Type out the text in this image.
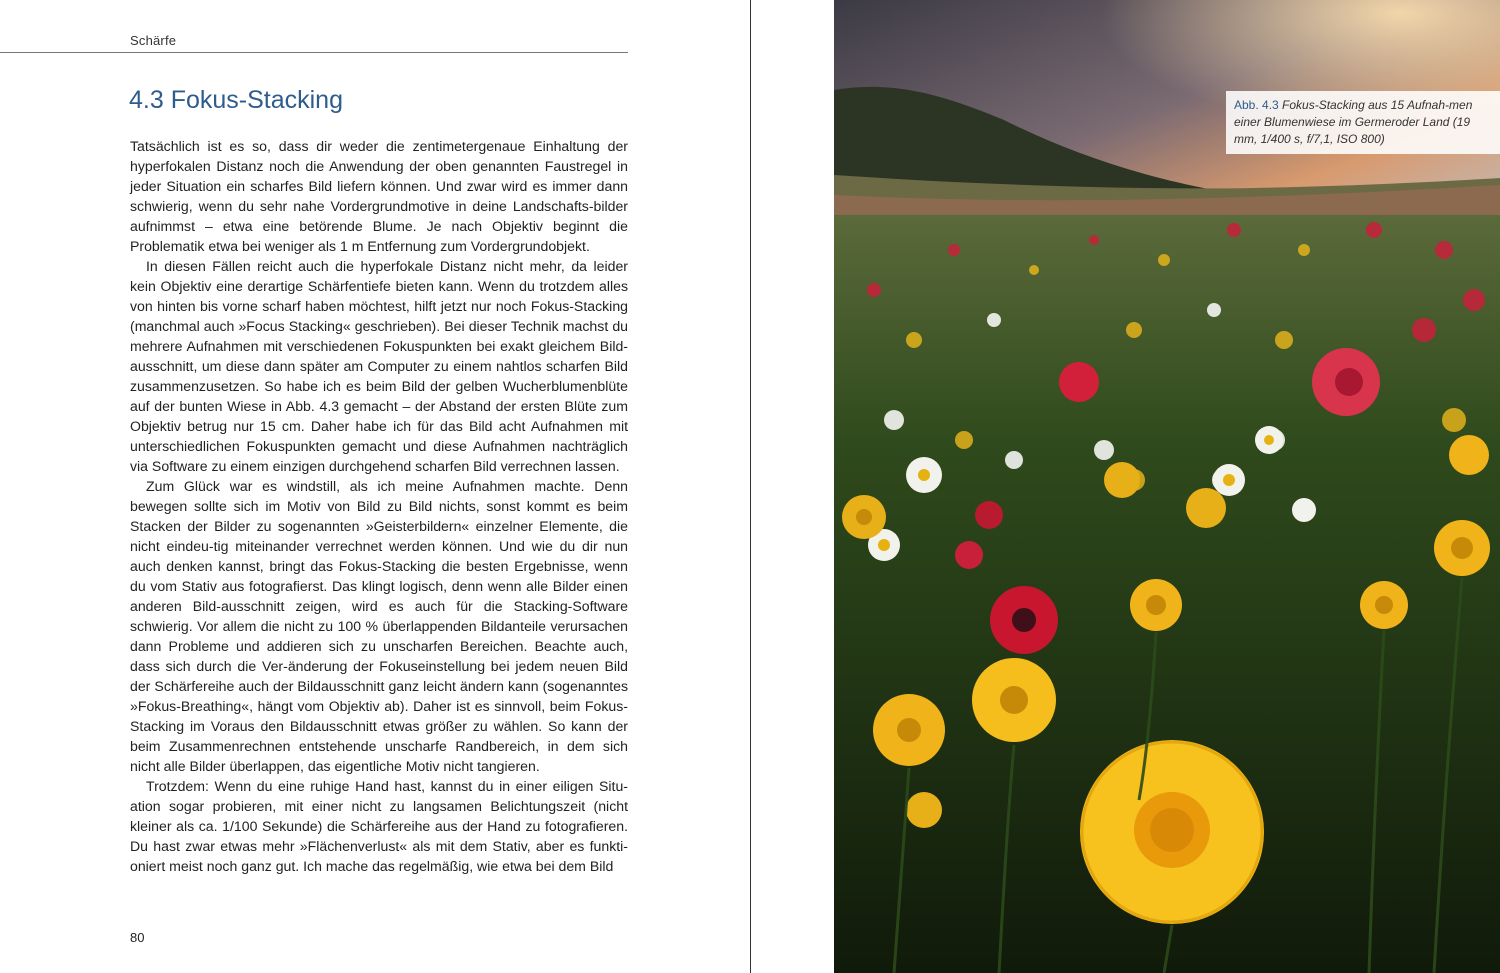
Schärfe
4.3 Fokus-Stacking

Tatsächlich ist es so, dass dir weder die zentimetergenaue Einhaltung der hyperfokalen Distanz noch die Anwendung der oben genannten Faustregel in jeder Situation ein scharfes Bild liefern können. Und zwar wird es immer dann schwierig, wenn du sehr nahe Vordergrundmotive in deine Landschafts-bilder aufnimmst – etwa eine betörende Blume. Je nach Objektiv beginnt die Problematik etwa bei weniger als 1 m Entfernung zum Vordergrundobjekt.

In diesen Fällen reicht auch die hyperfokale Distanz nicht mehr, da leider kein Objektiv eine derartige Schärfentiefe bieten kann. Wenn du trotzdem alles von hinten bis vorne scharf haben möchtest, hilft jetzt nur noch Fokus-Stacking (manchmal auch »Focus Stacking« geschrieben). Bei dieser Technik machst du mehrere Aufnahmen mit verschiedenen Fokuspunkten bei exakt gleichem Bild-ausschnitt, um diese dann später am Computer zu einem nahtlos scharfen Bild zusammenzusetzen. So habe ich es beim Bild der gelben Wucherblumenblüte auf der bunten Wiese in Abb. 4.3 gemacht – der Abstand der ersten Blüte zum Objektiv betrug nur 15 cm. Daher habe ich für das Bild acht Aufnahmen mit unterschiedlichen Fokuspunkten gemacht und diese Aufnahmen nachträglich via Software zu einem einzigen durchgehend scharfen Bild verrechnen lassen.

Zum Glück war es windstill, als ich meine Aufnahmen machte. Denn bewegen sollte sich im Motiv von Bild zu Bild nichts, sonst kommt es beim Stacken der Bilder zu sogenannten »Geisterbildern« einzelner Elemente, die nicht eindeu-tig miteinander verrechnet werden können. Und wie du dir nun auch denken kannst, bringt das Fokus-Stacking die besten Ergebnisse, wenn du vom Stativ aus fotografierst. Das klingt logisch, denn wenn alle Bilder einen anderen Bild-ausschnitt zeigen, wird es auch für die Stacking-Software schwierig. Vor allem die nicht zu 100 % überlappenden Bildanteile verursachen dann Probleme und addieren sich zu unscharfen Bereichen. Beachte auch, dass sich durch die Ver-änderung der Fokuseinstellung bei jedem neuen Bild der Schärfereihe auch der Bildausschnitt ganz leicht ändern kann (sogenanntes »Fokus-Breathing«, hängt vom Objektiv ab). Daher ist es sinnvoll, beim Fokus-Stacking im Voraus den Bildausschnitt etwas größer zu wählen. So kann der beim Zusammenrechnen entstehende unscharfe Randbereich, in dem sich nicht alle Bilder überlappen, das eigentliche Motiv nicht tangieren.

Trotzdem: Wenn du eine ruhige Hand hast, kannst du in einer eiligen Situ-ation sogar probieren, mit einer nicht zu langsamen Belichtungszeit (nicht kleiner als ca. 1/100 Sekunde) die Schärfereihe aus der Hand zu fotografieren. Du hast zwar etwas mehr »Flächenverlust« als mit dem Stativ, aber es funkti-oniert meist noch ganz gut. Ich mache das regelmäßig, wie etwa bei dem Bild

80
Abb. 4.3 Fokus-Stacking aus 15 Aufnah-men einer Blumenwiese im Germeroder Land (19 mm, 1/400 s, f/7,1, ISO 800)
